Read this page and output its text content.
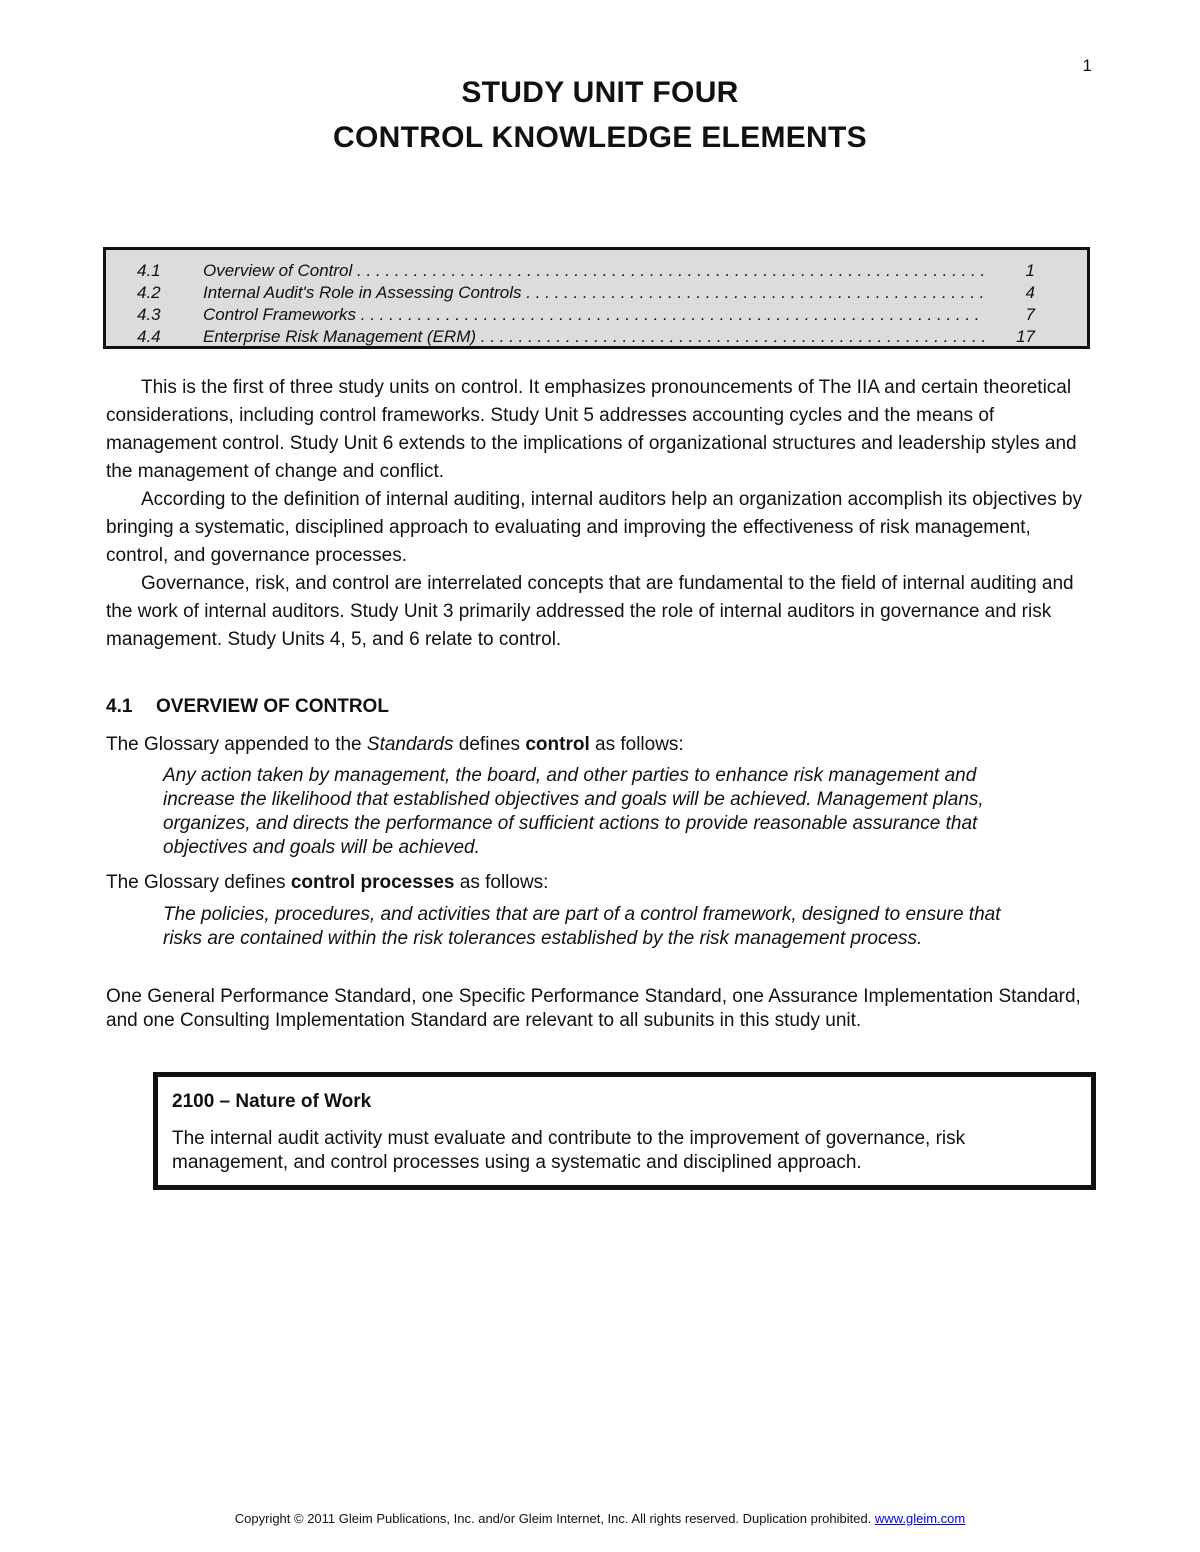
1
STUDY UNIT FOUR
CONTROL KNOWLEDGE ELEMENTS
4.1 Overview of Control . . .	1
4.2 Internal Audit's Role in Assessing Controls . . .	4
4.3 Control Frameworks . . .	7
4.4 Enterprise Risk Management (ERM) . . .	17

This is the first of three study units on control. It emphasizes pronouncements of The IIA and certain theoretical considerations, including control frameworks. Study Unit 5 addresses accounting cycles and the means of management control. Study Unit 6 extends to the implications of organizational structures and leadership styles and the management of change and conflict.

According to the definition of internal auditing, internal auditors help an organization accomplish its objectives by bringing a systematic, disciplined approach to evaluating and improving the effectiveness of risk management, control, and governance processes.

Governance, risk, and control are interrelated concepts that are fundamental to the field of internal auditing and the work of internal auditors. Study Unit 3 primarily addressed the role of internal auditors in governance and risk management. Study Units 4, 5, and 6 relate to control.

4.1 OVERVIEW OF CONTROL

The Glossary appended to the Standards defines control as follows:

Any action taken by management, the board, and other parties to enhance risk management and increase the likelihood that established objectives and goals will be achieved. Management plans, organizes, and directs the performance of sufficient actions to provide reasonable assurance that objectives and goals will be achieved.

The Glossary defines control processes as follows:

The policies, procedures, and activities that are part of a control framework, designed to ensure that risks are contained within the risk tolerances established by the risk management process.

One General Performance Standard, one Specific Performance Standard, one Assurance Implementation Standard, and one Consulting Implementation Standard are relevant to all subunits in this study unit.

2100 – Nature of Work

The internal audit activity must evaluate and contribute to the improvement of governance, risk management, and control processes using a systematic and disciplined approach.

Copyright © 2011 Gleim Publications, Inc. and/or Gleim Internet, Inc. All rights reserved. Duplication prohibited. www.gleim.com
